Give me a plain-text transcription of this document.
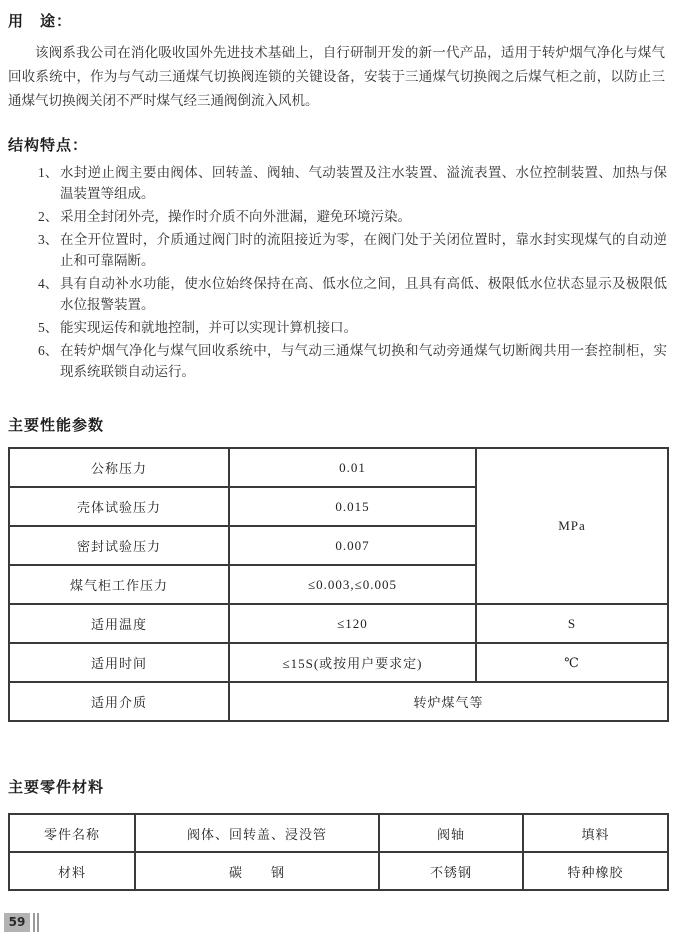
用　途：

该阀系我公司在消化吸收国外先进技术基础上，自行研制开发的新一代产品，适用于转炉烟气净化与煤气回收系统中，作为与气动三通煤气切换阀连锁的关键设备，安装于三通煤气切换阀之后煤气柜之前，以防止三通煤气切换阀关闭不严时煤气经三通阀倒流入风机。

结构特点：
1、 水封逆止阀主要由阀体、回转盖、阀轴、气动装置及注水装置、溢流表置、水位控制装置、加热与保温装置等组成。
2、 采用全封闭外壳，操作时介质不向外泄漏，避免环境污染。
3、 在全开位置时，介质通过阀门时的流阻接近为零，在阀门处于关闭位置时，靠水封实现煤气的自动逆止和可靠隔断。
4、 具有自动补水功能，使水位始终保持在高、低水位之间，且具有高低、极限低水位状态显示及极限低水位报警装置。
5、 能实现运传和就地控制，并可以实现计算机接口。
6、 在转炉烟气净化与煤气回收系统中，与气动三通煤气切换和气动旁通煤气切断阀共用一套控制柜，实现系统联锁自动运行。
主要性能参数
公称压力	0.01	MPa
壳体试验压力	0.015	
密封试验压力	0.007	
煤气柜工作压力	≤0.003,≤0.005	
适用温度	≤120	S
适用时间	≤15S(或按用户要求定)	℃
适用介质	转炉煤气等	
主要零件材料
零件名称	阀体、回转盖、浸没管	阀轴	填料
材料	碳　　钢	不锈钢	特种橡胶
59
